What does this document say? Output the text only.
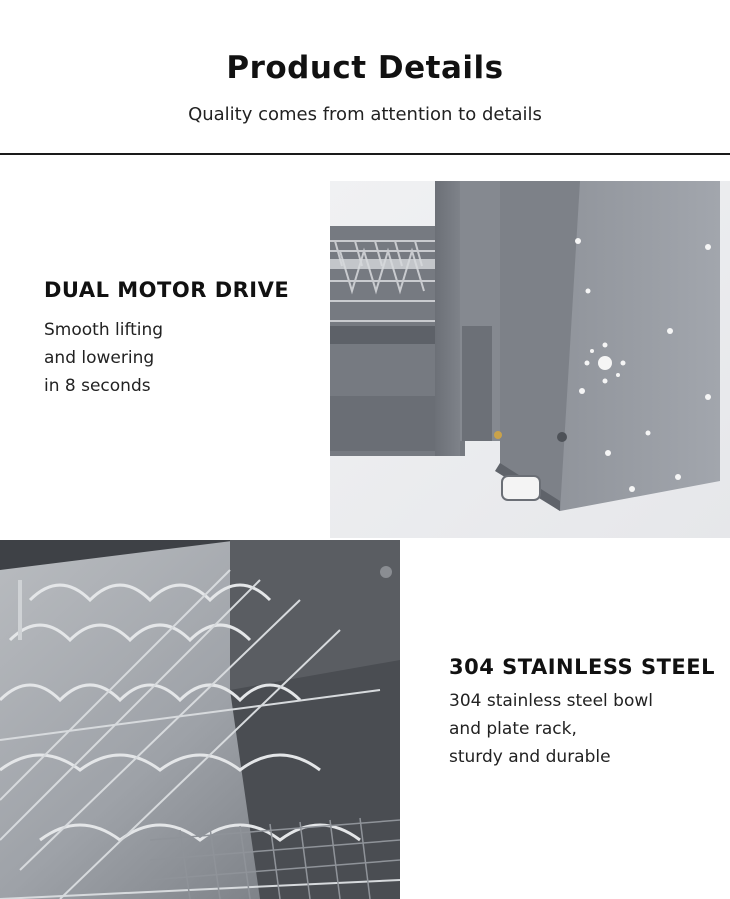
Product Details
Quality comes from attention to details
DUAL MOTOR DRIVE
Smooth lifting
and lowering
in 8 seconds
304 STAINLESS STEEL
304 stainless steel bowl
and plate rack,
sturdy and durable
